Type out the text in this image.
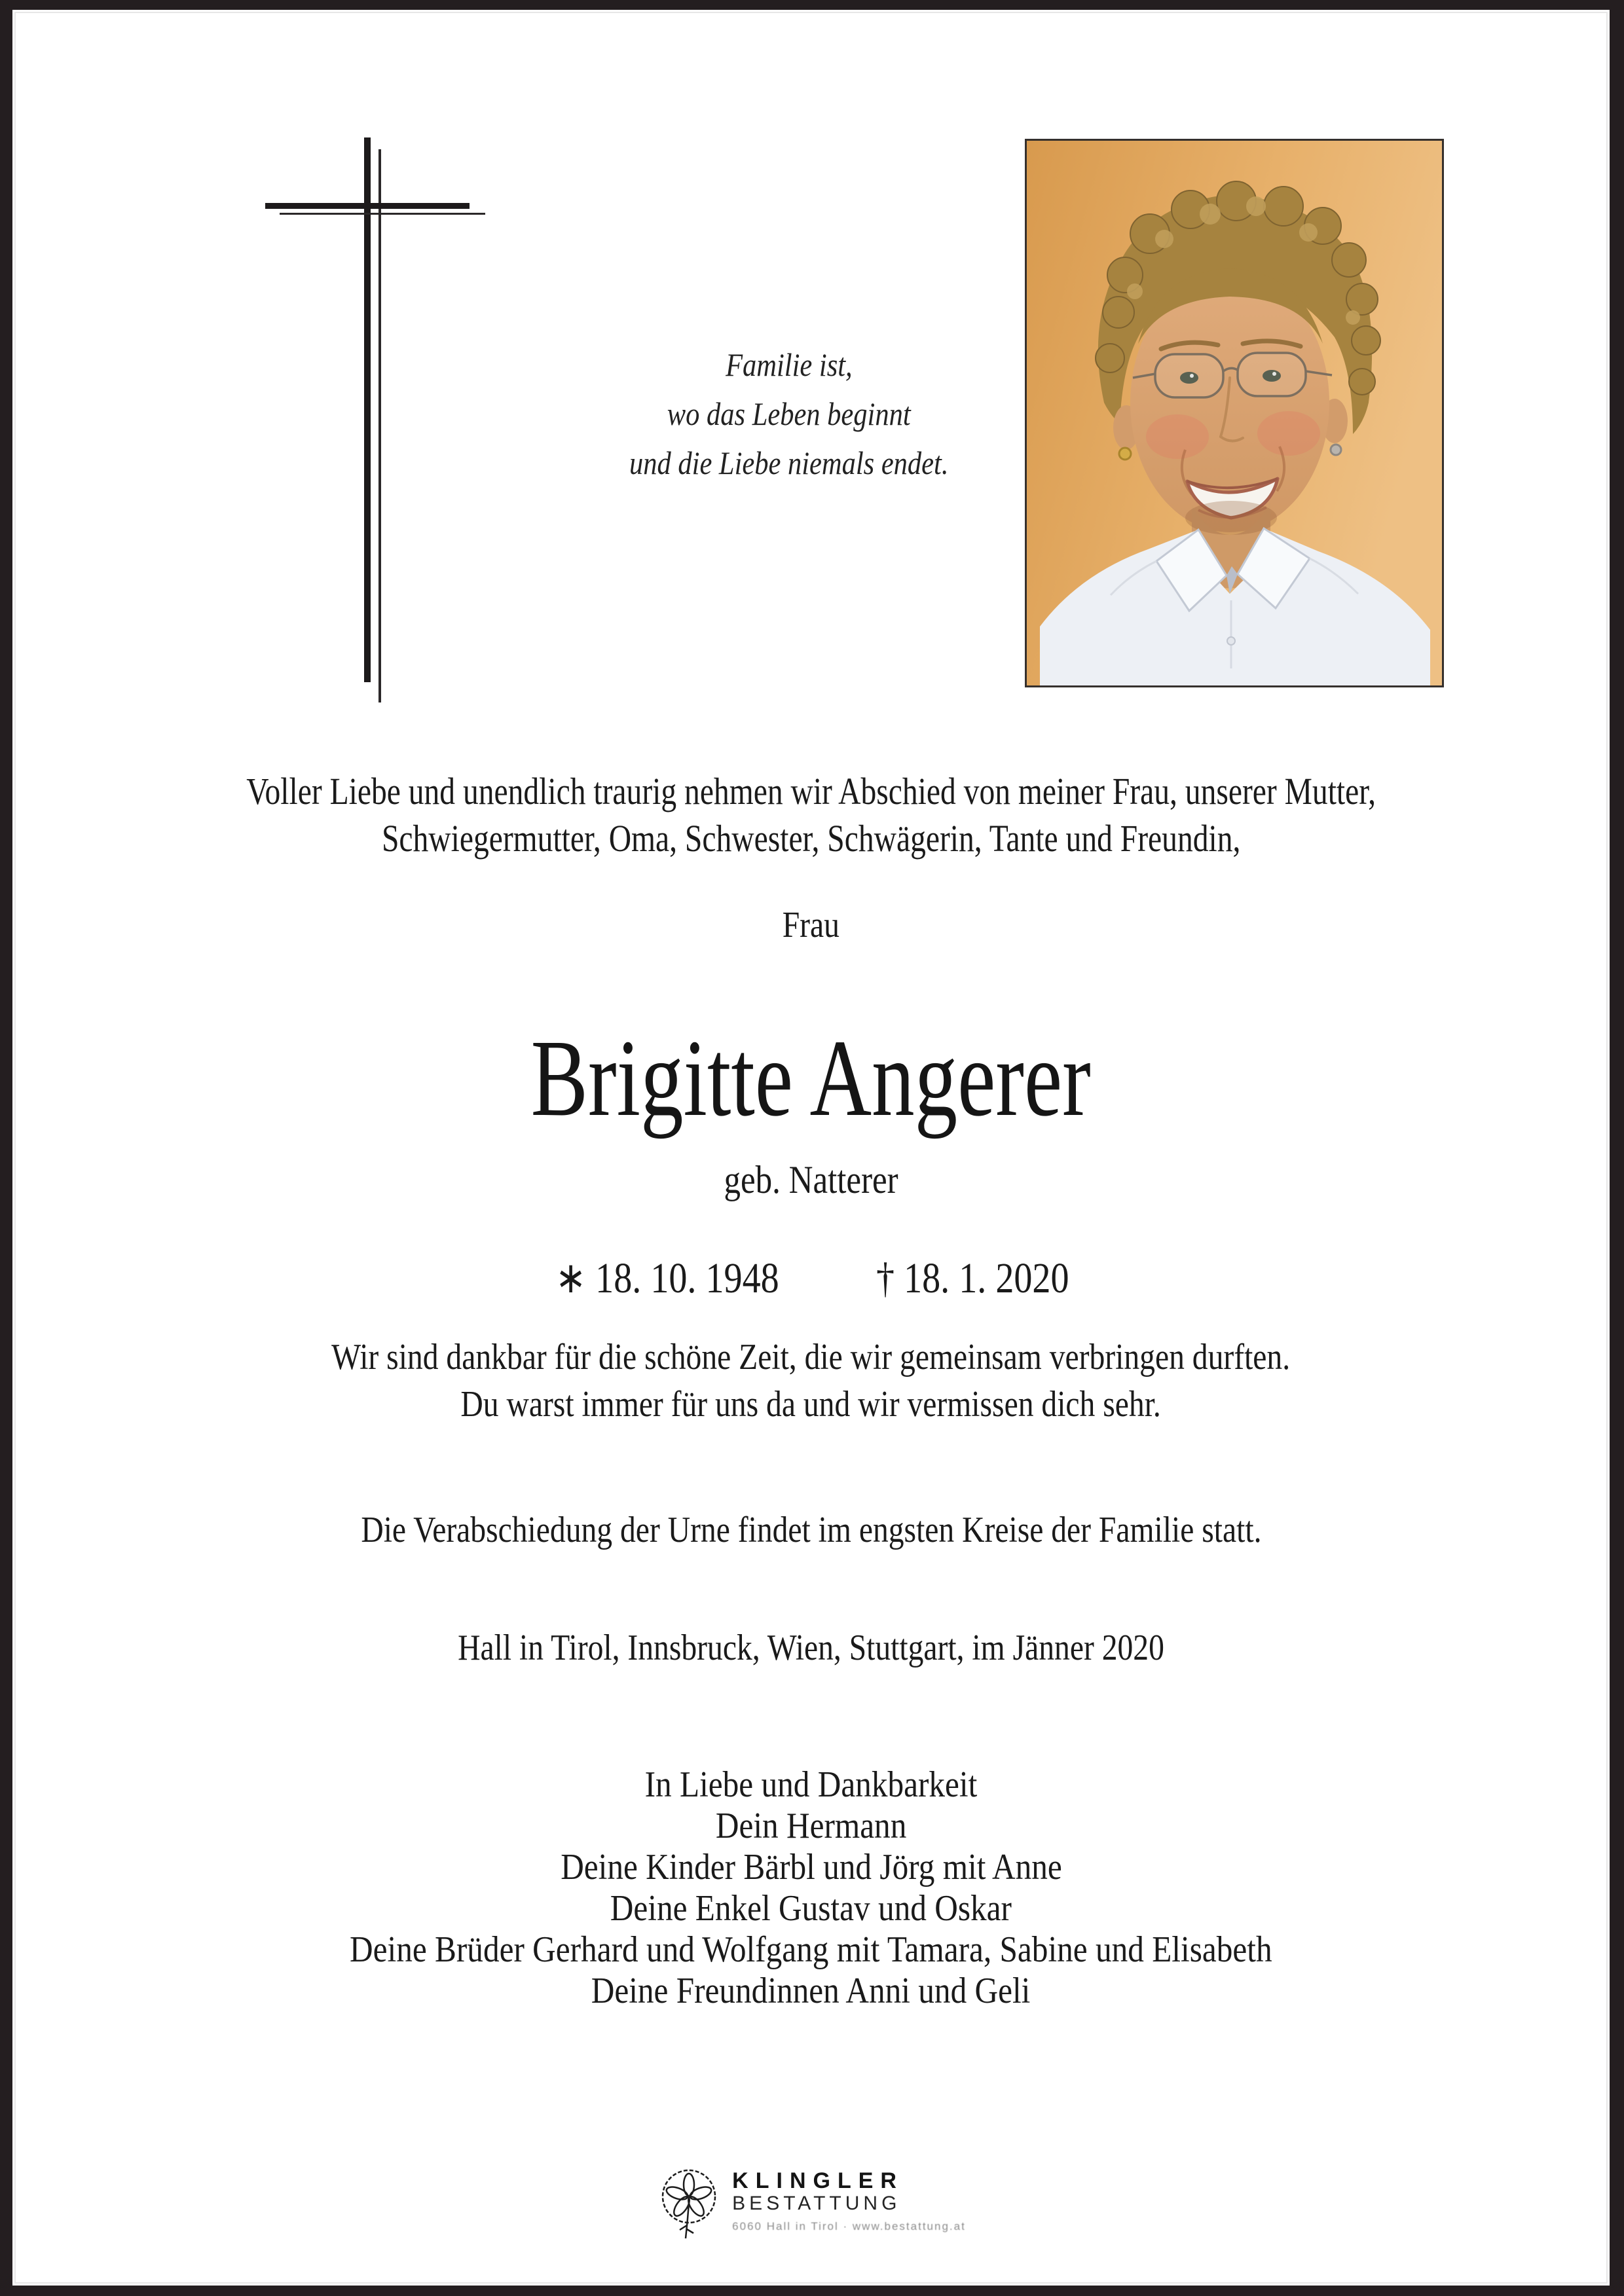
Familie ist,
wo das Leben beginnt
und die Liebe niemals endet.
Voller Liebe und unendlich traurig nehmen wir Abschied von meiner Frau, unserer Mutter,
Schwiegermutter, Oma, Schwester, Schwägerin, Tante und Freundin,
Frau
Brigitte Angerer
geb. Natterer
∗ 18. 10. 1948 † 18. 1. 2020
Wir sind dankbar für die schöne Zeit, die wir gemeinsam verbringen durften.
Du warst immer für uns da und wir vermissen dich sehr.
Die Verabschiedung der Urne findet im engsten Kreise der Familie statt.
Hall in Tirol, Innsbruck, Wien, Stuttgart, im Jänner 2020
In Liebe und Dankbarkeit
Dein Hermann
Deine Kinder Bärbl und Jörg mit Anne
Deine Enkel Gustav und Oskar
Deine Brüder Gerhard und Wolfgang mit Tamara, Sabine und Elisabeth
Deine Freundinnen Anni und Geli
KLINGLER
BESTATTUNG
6060 Hall in Tirol · www.bestattung.at
